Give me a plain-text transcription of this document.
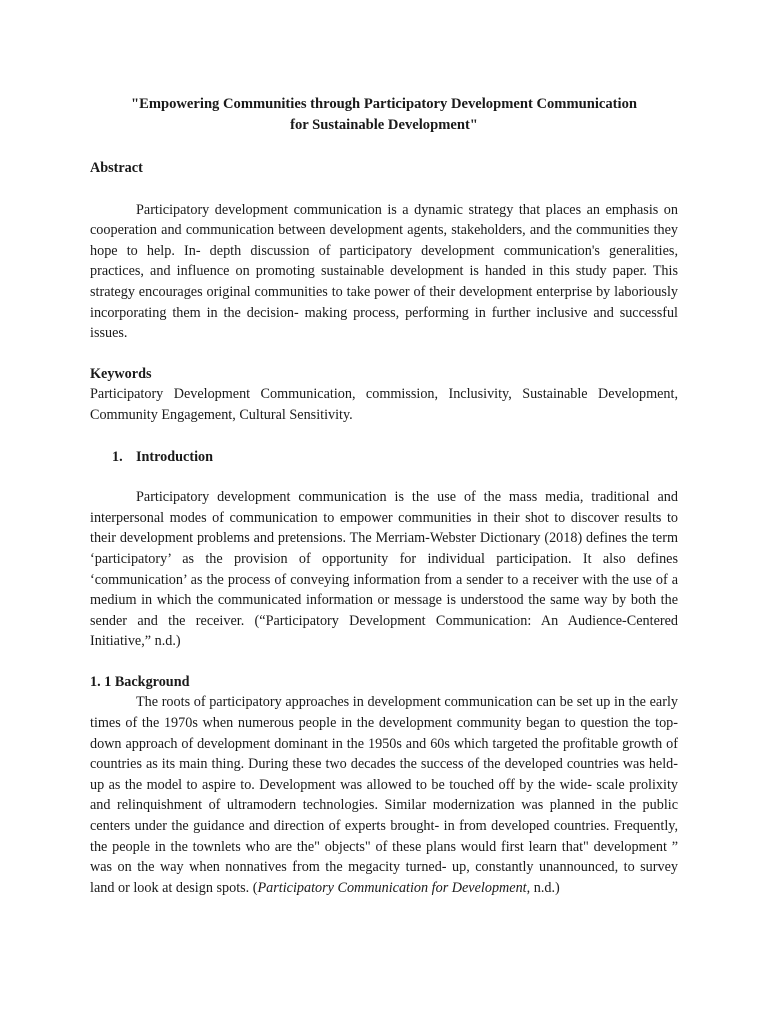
"Empowering Communities through Participatory Development Communication
for Sustainable Development"

Abstract

Participatory development communication is a dynamic strategy that places an emphasis on cooperation and communication between development agents, stakeholders, and the communities they hope to help. In- depth discussion of participatory development communication's generalities, practices, and influence on promoting sustainable development is handed in this study paper. This strategy encourages original communities to take power of their development enterprise by laboriously incorporating them in the decision- making process, performing in further inclusive and successful issues.

Keywords

Participatory Development Communication, commission, Inclusivity, Sustainable Development, Community Engagement, Cultural Sensitivity.

1. Introduction

Participatory development communication is the use of the mass media, traditional and interpersonal modes of communication to empower communities in their shot to discover results to their development problems and pretensions. The Merriam-Webster Dictionary (2018) defines the term ‘participatory’ as the provision of opportunity for individual participation. It also defines ‘communication’ as the process of conveying information from a sender to a receiver with the use of a medium in which the communicated information or message is understood the same way by both the sender and the receiver. (“Participatory Development Communication: An Audience-Centered Initiative,” n.d.)

1. 1 Background

The roots of participatory approaches in development communication can be set up in the early times of the 1970s when numerous people in the development community began to question the top-down approach of development dominant in the 1950s and 60s which targeted the profitable growth of countries as its main thing. During these two decades the success of the developed countries was held- up as the model to aspire to. Development was allowed to be touched off by the wide- scale prolixity and relinquishment of ultramodern technologies. Similar modernization was planned in the public centers under the guidance and direction of experts brought- in from developed countries. Frequently, the people in the townlets who are the" objects" of these plans would first learn that" development ” was on the way when nonnatives from the megacity turned- up, constantly unannounced, to survey land or look at design spots. (Participatory Communication for Development, n.d.)
